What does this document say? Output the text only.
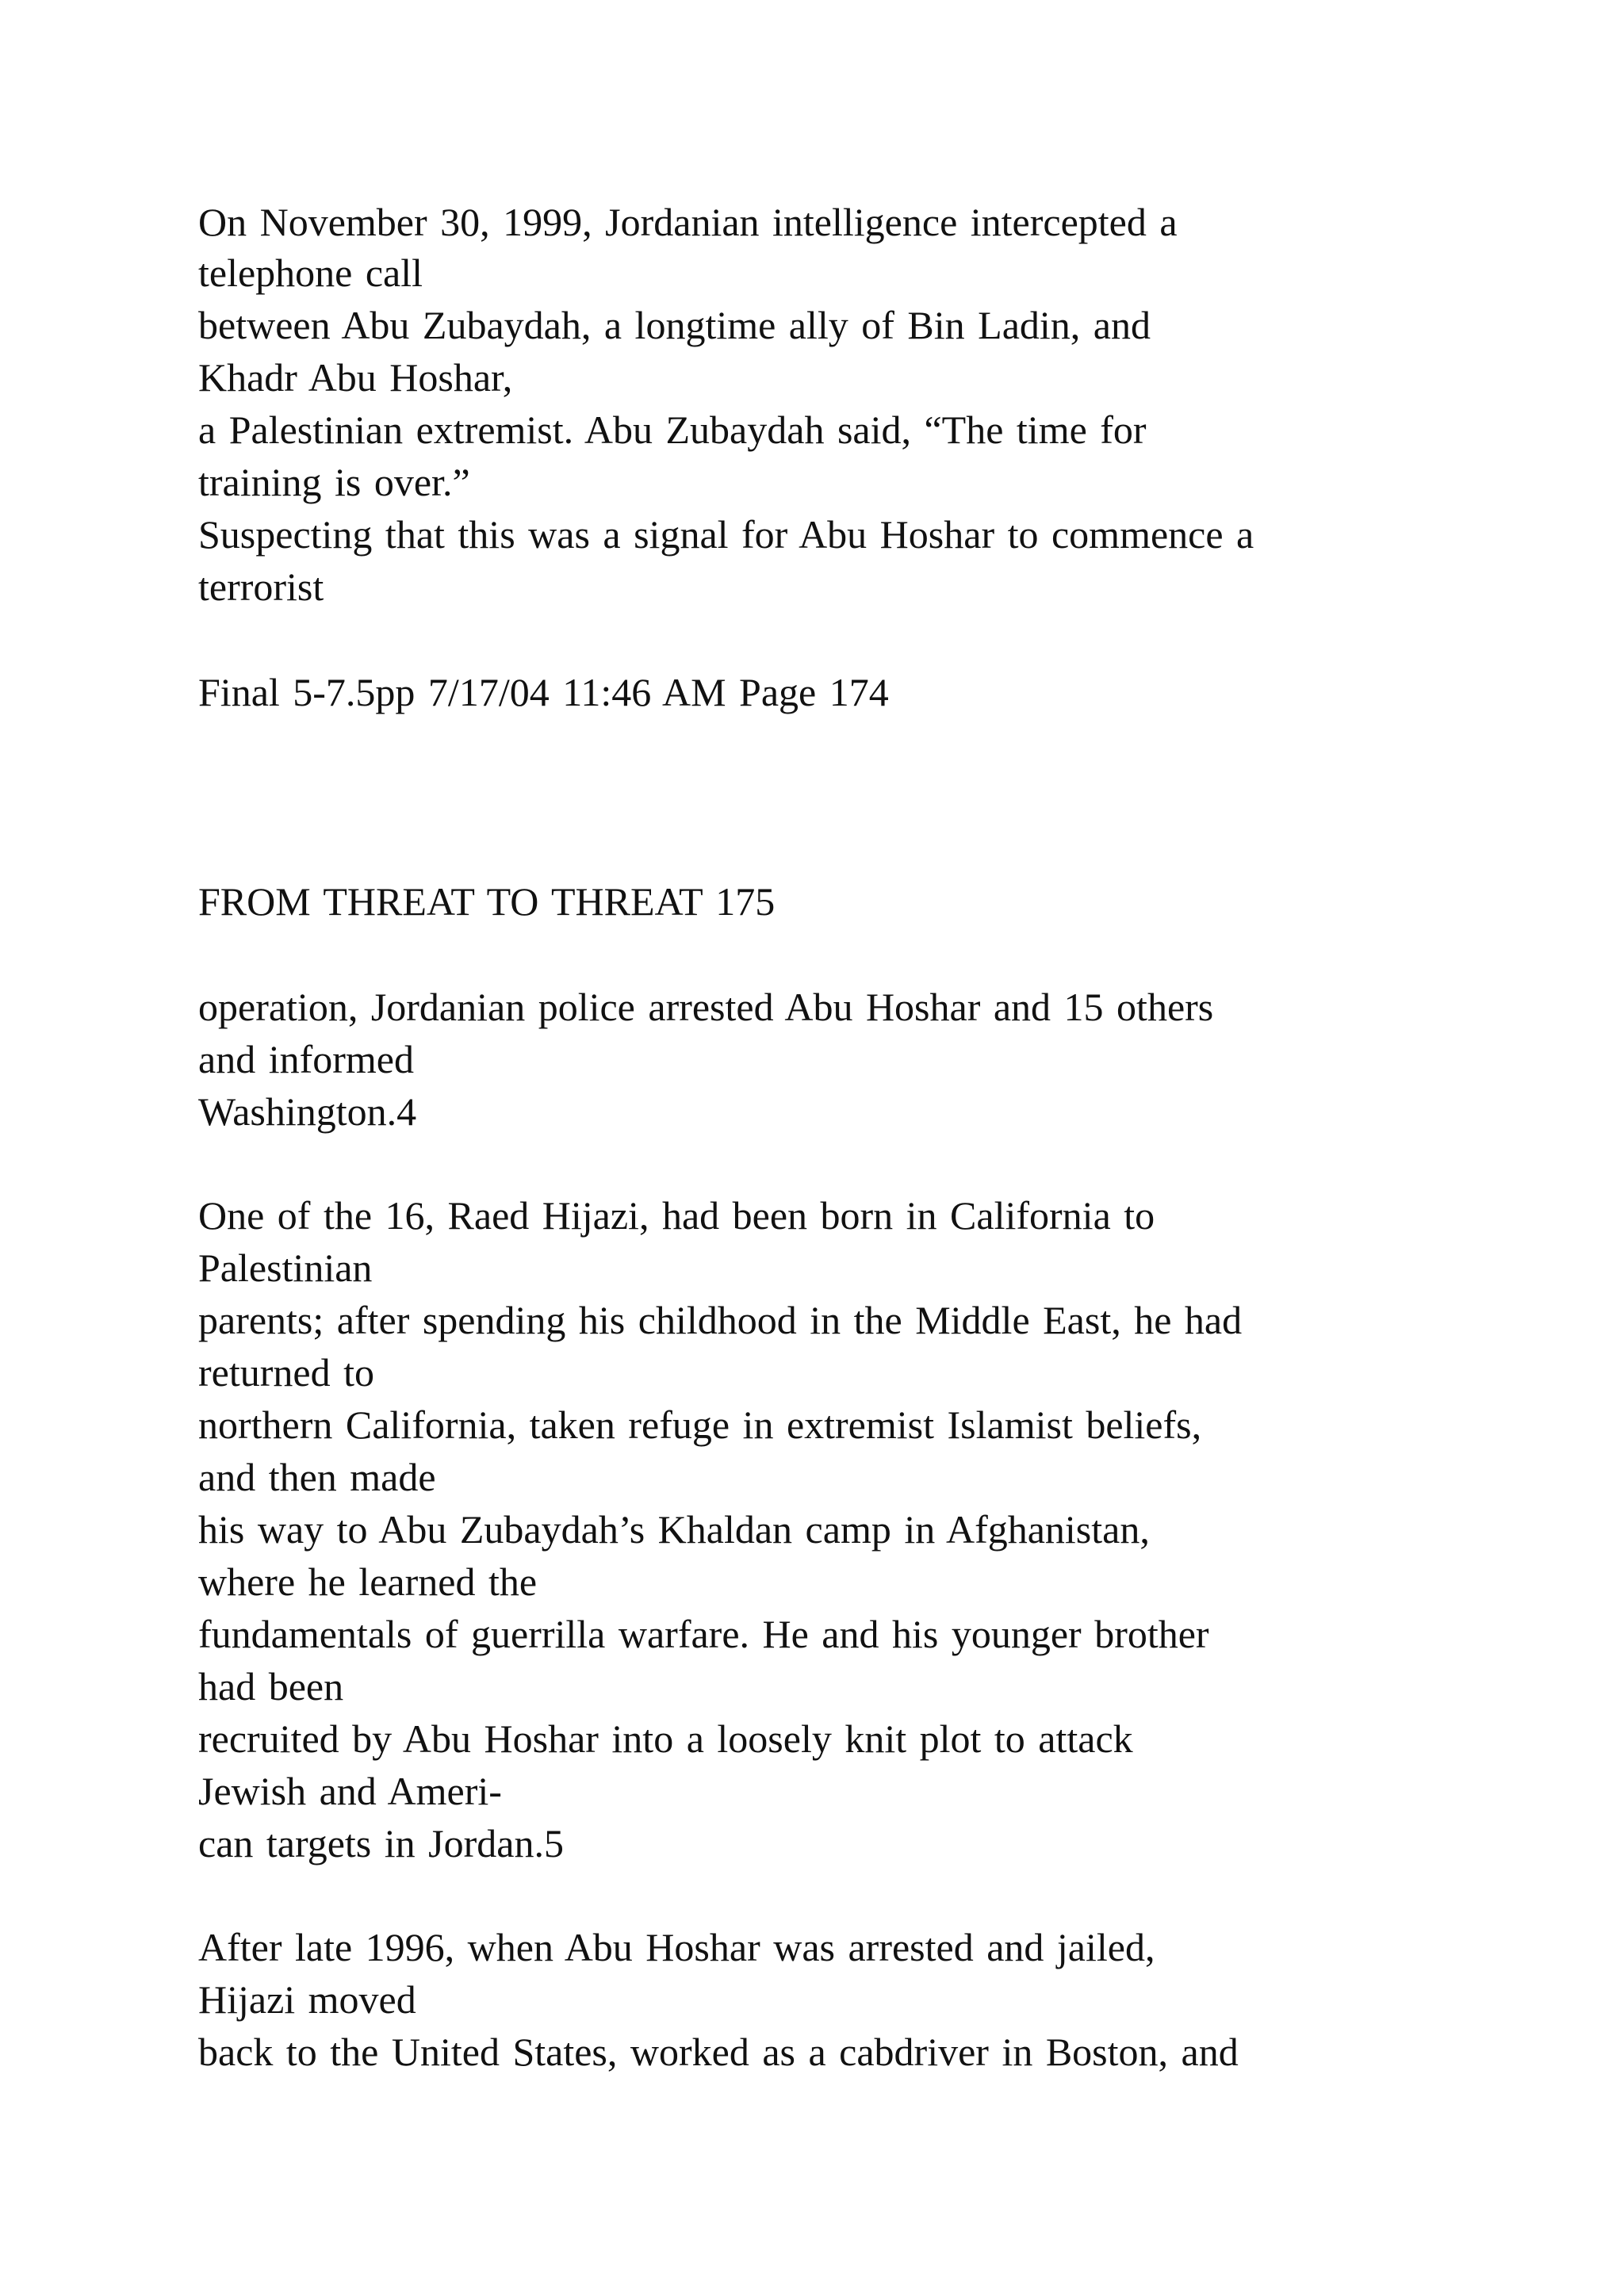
On November 30, 1999, Jordanian intelligence intercepted a

telephone call

between Abu Zubaydah, a longtime ally of Bin Ladin, and

Khadr Abu Hoshar,

a Palestinian extremist. Abu Zubaydah said, “The time for

training is over.”

Suspecting that this was a signal for Abu Hoshar to commence a

terrorist

Final 5-7.5pp 7/17/04 11:46 AM Page 174

FROM THREAT TO THREAT 175

operation, Jordanian police arrested Abu Hoshar and 15 others

and informed

Washington.4

One of the 16, Raed Hijazi, had been born in California to

Palestinian

parents; after spending his childhood in the Middle East, he had

returned to

northern California, taken refuge in extremist Islamist beliefs,

and then made

his way to Abu Zubaydah’s Khaldan camp in Afghanistan,

where he learned the

fundamentals of guerrilla warfare. He and his younger brother

had been

recruited by Abu Hoshar into a loosely knit plot to attack

Jewish and Ameri-

can targets in Jordan.5

After late 1996, when Abu Hoshar was arrested and jailed,

Hijazi moved

back to the United States, worked as a cabdriver in Boston, and
